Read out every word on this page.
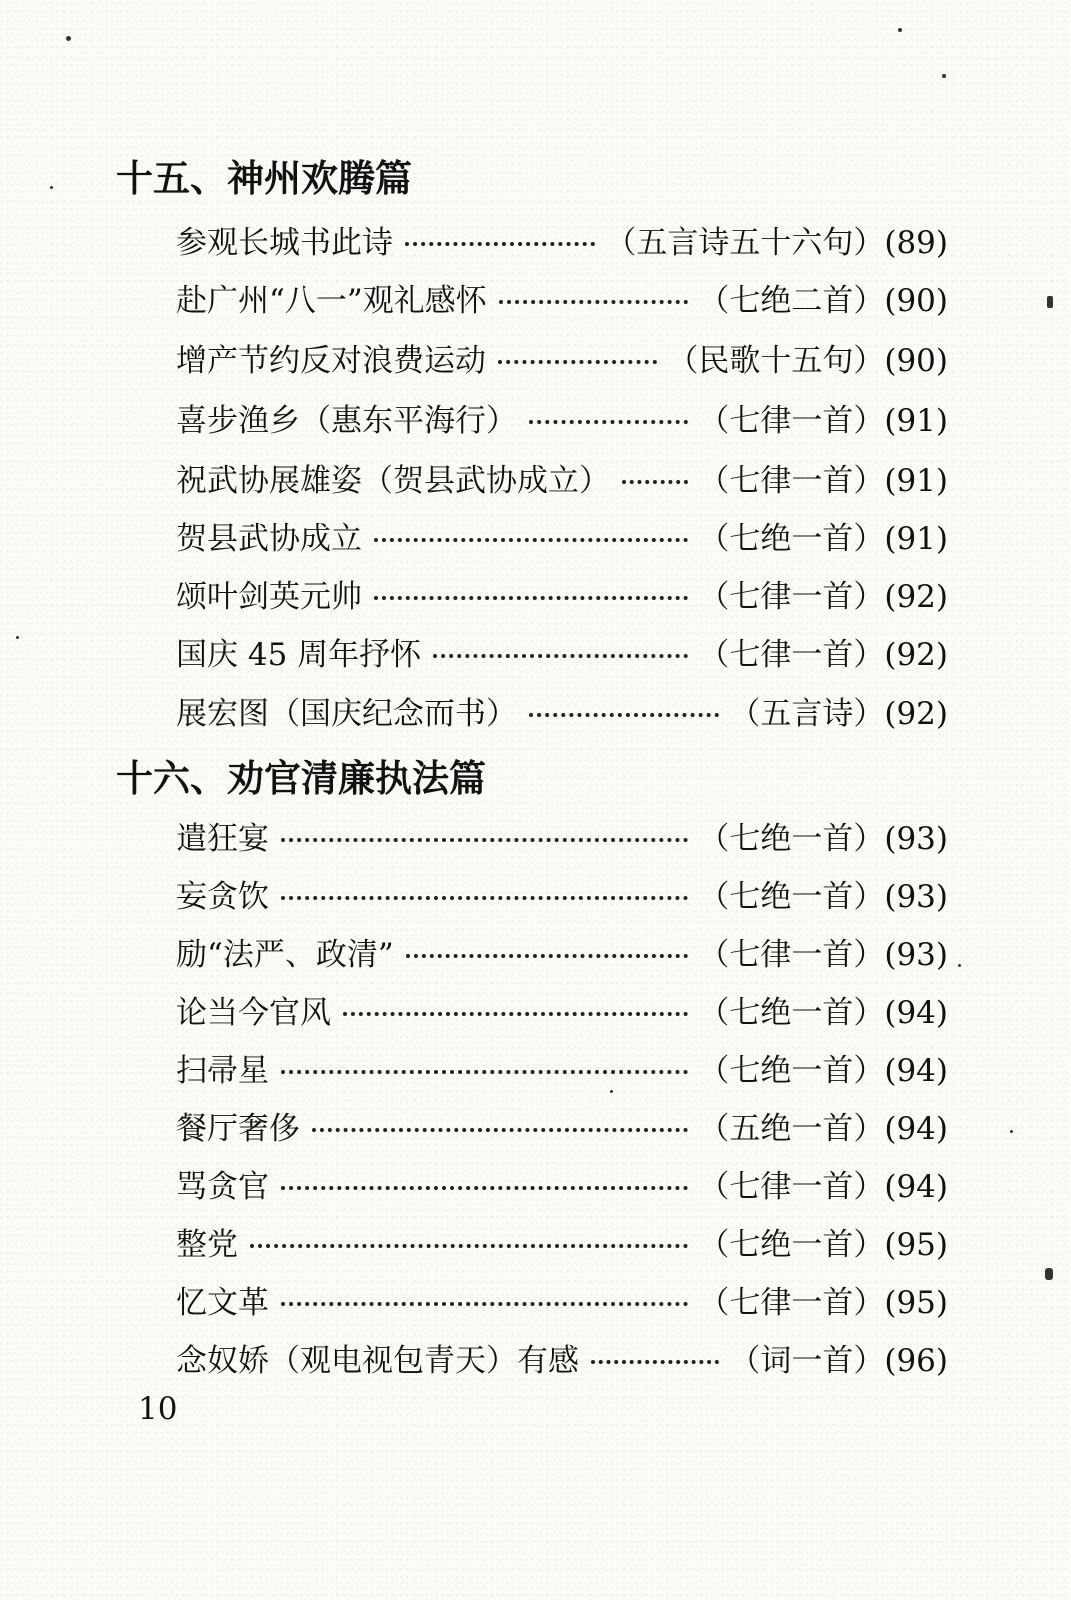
十五、神州欢腾篇
参观长城书此诗	（五言诗五十六句）(89)
赴广州“八一”观礼感怀	（七绝二首）(90)
增产节约反对浪费运动	（民歌十五句）(90)
喜步渔乡（惠东平海行）	（七律一首）(91)
祝武协展雄姿（贺县武协成立）	（七律一首）(91)
贺县武协成立	（七绝一首）(91)
颂叶剑英元帅	（七律一首）(92)
国庆 45 周年抒怀	（七律一首）(92)
展宏图（国庆纪念而书）	（五言诗）(92)
十六、劝官清廉执法篇
遣狂宴	（七绝一首）(93)
妄贪饮	（七绝一首）(93)
励“法严、政清”	（七律一首）(93)
论当今官风	（七绝一首）(94)
扫帚星	（七绝一首）(94)
餐厅奢侈	（五绝一首）(94)
骂贪官	（七律一首）(94)
整党	（七绝一首）(95)
忆文革	（七律一首）(95)
念奴娇（观电视包青天）有感	（词一首）(96)
10
